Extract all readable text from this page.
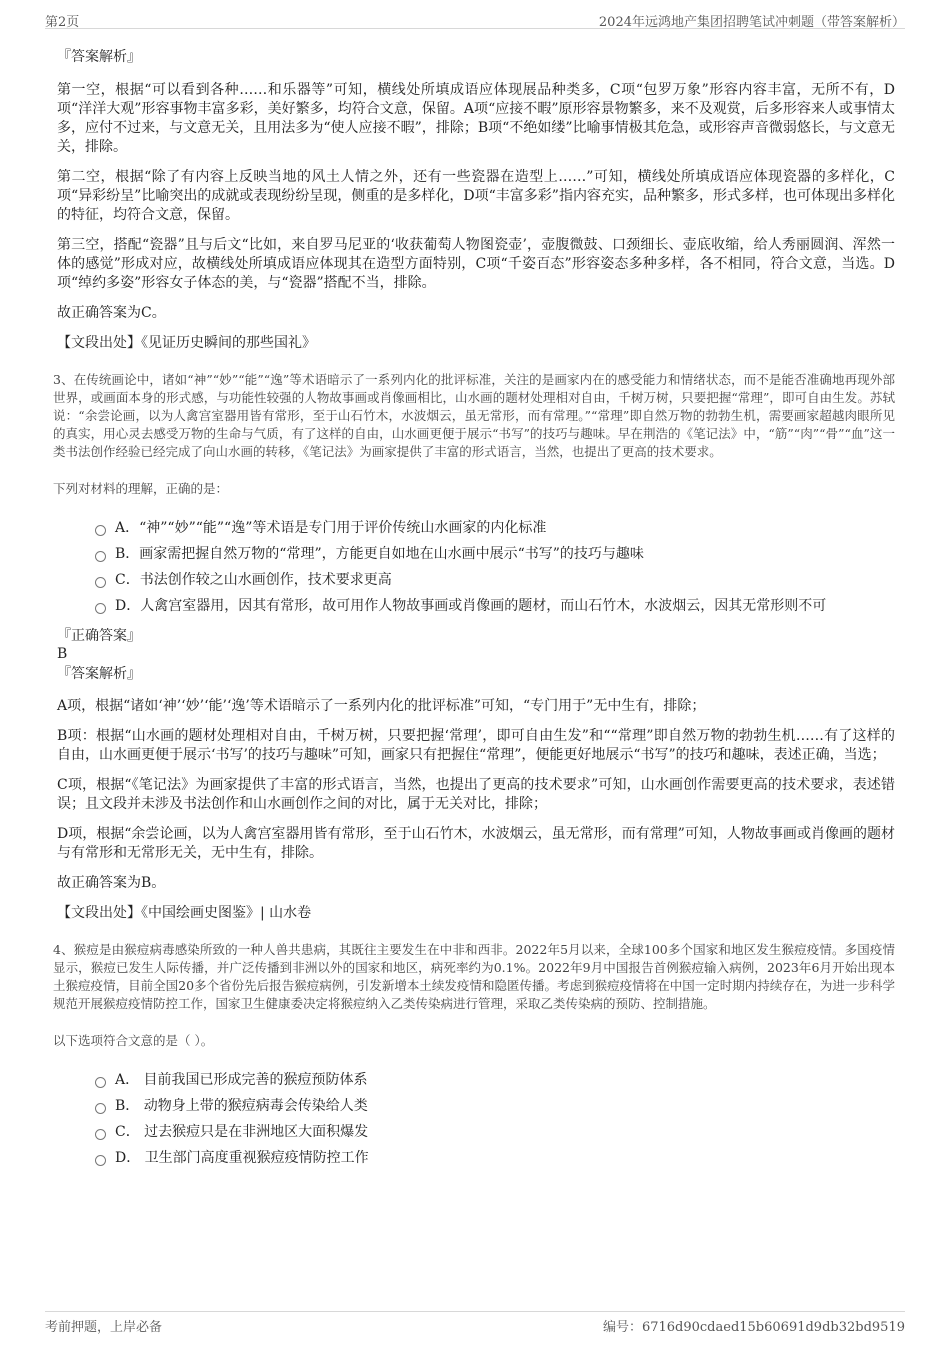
第2页	2024年远鸿地产集团招聘笔试冲刺题（带答案解析）
『答案解析』

第一空，根据“可以看到各种……和乐器等”可知，横线处所填成语应体现展品种类多，C项“包罗万象”形容内容丰富，无所不有，D项“洋洋大观”形容事物丰富多彩，美好繁多，均符合文意，保留。A项“应接不暇”原形容景物繁多，来不及观赏，后多形容来人或事情太多，应付不过来，与文意无关，且用法多为“使人应接不暇”，排除；B项“不绝如缕”比喻事情极其危急，或形容声音微弱悠长，与文意无关，排除。

第二空，根据“除了有内容上反映当地的风土人情之外，还有一些瓷器在造型上……”可知，横线处所填成语应体现瓷器的多样化，C项“异彩纷呈”比喻突出的成就或表现纷纷呈现，侧重的是多样化，D项“丰富多彩”指内容充实，品种繁多，形式多样，也可体现出多样化的特征，均符合文意，保留。

第三空，搭配“瓷器”且与后文“比如，来自罗马尼亚的‘收获葡萄人物图瓷壶’，壶腹微鼓、口颈细长、壶底收缩，给人秀丽圆润、浑然一体的感觉”形成对应，故横线处所填成语应体现其在造型方面特别，C项“千姿百态”形容姿态多种多样，各不相同，符合文意，当选。D项“绰约多姿”形容女子体态的美，与“瓷器”搭配不当，排除。

故正确答案为C。

【文段出处】《见证历史瞬间的那些国礼》

3、在传统画论中，诸如“神”“妙”“能”“逸”等术语暗示了一系列内化的批评标准，关注的是画家内在的感受能力和情绪状态，而不是能否准确地再现外部世界，或画面本身的形式感，与功能性较强的人物故事画或肖像画相比，山水画的题材处理相对自由，千树万树，只要把握“常理”，即可自由生发。苏轼说：“余尝论画，以为人禽宫室器用皆有常形，至于山石竹木，水波烟云，虽无常形，而有常理。”“常理”即自然万物的勃勃生机，需要画家超越肉眼所见的真实，用心灵去感受万物的生命与气质，有了这样的自由，山水画更便于展示“书写”的技巧与趣味。早在荆浩的《笔记法》中，“筋”“肉”“骨”“血”这一类书法创作经验已经完成了向山水画的转移，《笔记法》为画家提供了丰富的形式语言，当然，也提出了更高的技术要求。

下列对材料的理解，正确的是：
A．“神”“妙”“能”“逸”等术语是专门用于评价传统山水画家的内化标准
B．画家需把握自然万物的“常理”，方能更自如地在山水画中展示“书写”的技巧与趣味
C．书法创作较之山水画创作，技术要求更高
D．人禽宫室器用，因其有常形，故可用作人物故事画或肖像画的题材，而山石竹木，水波烟云，因其无常形则不可
『正确答案』
B
『答案解析』

A项，根据“诸如‘神’‘妙’‘能’‘逸’等术语暗示了一系列内化的批评标准”可知，“专门用于”无中生有，排除；

B项：根据“山水画的题材处理相对自由，千树万树，只要把握‘常理’，即可自由生发”和““常理”即自然万物的勃勃生机……有了这样的自由，山水画更便于展示‘书写’的技巧与趣味”可知，画家只有把握住“常理”，便能更好地展示“书写”的技巧和趣味，表述正确，当选；

C项，根据“《笔记法》为画家提供了丰富的形式语言，当然，也提出了更高的技术要求”可知，山水画创作需要更高的技术要求，表述错误；且文段并未涉及书法创作和山水画创作之间的对比，属于无关对比，排除；

D项，根据“余尝论画，以为人禽宫室器用皆有常形，至于山石竹木，水波烟云，虽无常形，而有常理”可知，人物故事画或肖像画的题材与有常形和无常形无关，无中生有，排除。

故正确答案为B。

【文段出处】《中国绘画史图鉴》| 山水卷

4、猴痘是由猴痘病毒感染所致的一种人兽共患病，其既往主要发生在中非和西非。2022年5月以来，全球100多个国家和地区发生猴痘疫情。多国疫情显示，猴痘已发生人际传播，并广泛传播到非洲以外的国家和地区，病死率约为0.1%。2022年9月中国报告首例猴痘输入病例，2023年6月开始出现本土猴痘疫情，目前全国20多个省份先后报告猴痘病例，引发新增本土续发疫情和隐匿传播。考虑到猴痘疫情将在中国一定时期内持续存在，为进一步科学规范开展猴痘疫情防控工作，国家卫生健康委决定将猴痘纳入乙类传染病进行管理，采取乙类传染病的预防、控制措施。

以下选项符合文意的是（ ）。
A． 目前我国已形成完善的猴痘预防体系
B． 动物身上带的猴痘病毒会传染给人类
C． 过去猴痘只是在非洲地区大面积爆发
D． 卫生部门高度重视猴痘疫情防控工作
考前押题，上岸必备	编号：6716d90cdaed15b60691d9db32bd9519
